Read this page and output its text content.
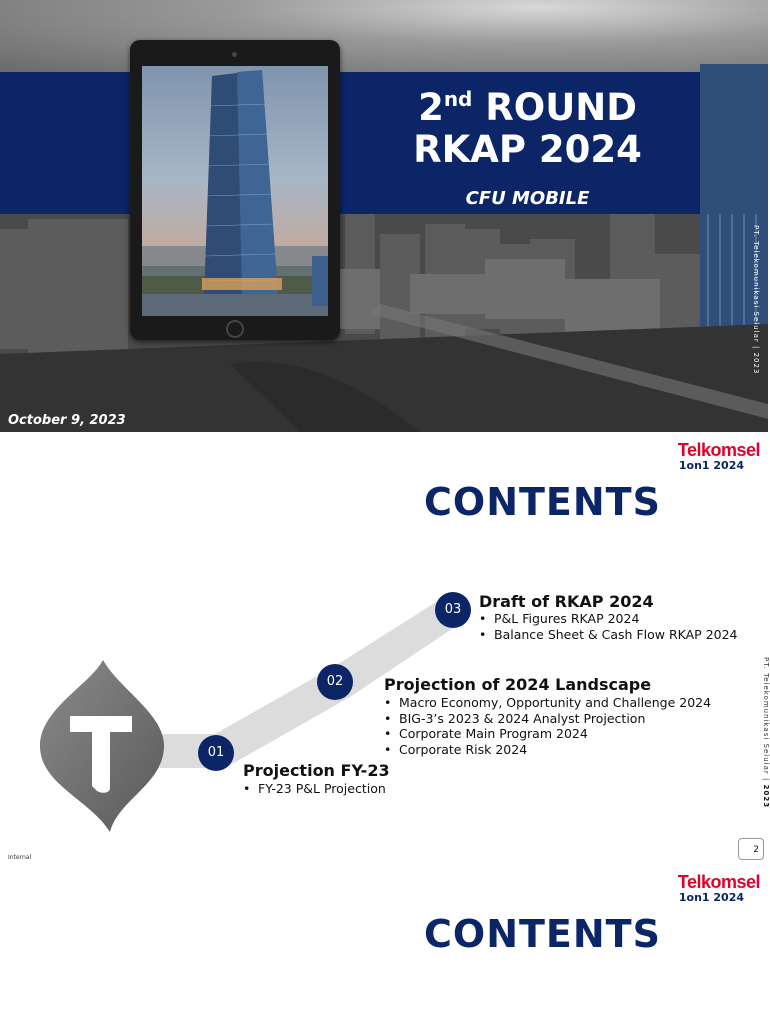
2nd ROUND
RKAP 2024
CFU MOBILE
October 9, 2023
PT. Telekomunikasi Selular | 2023
Telkomsel
1on1 2024
CONTENTS
01
Projection FY-23
• FY-23 P&L Projection
02	Projection of 2024 Landscape
• Macro Economy, Opportunity and Challenge 2024
• BIG-3’s 2023 & 2024 Analyst Projection
• Corporate Main Program 2024
• Corporate Risk 2024
03	Draft of RKAP 2024
• P&L Figures RKAP 2024
• Balance Sheet & Cash Flow RKAP 2024
PT. Telekomunikasi Selular | 2023
Internal
2
Telkomsel
1on1 2024
CONTENTS
